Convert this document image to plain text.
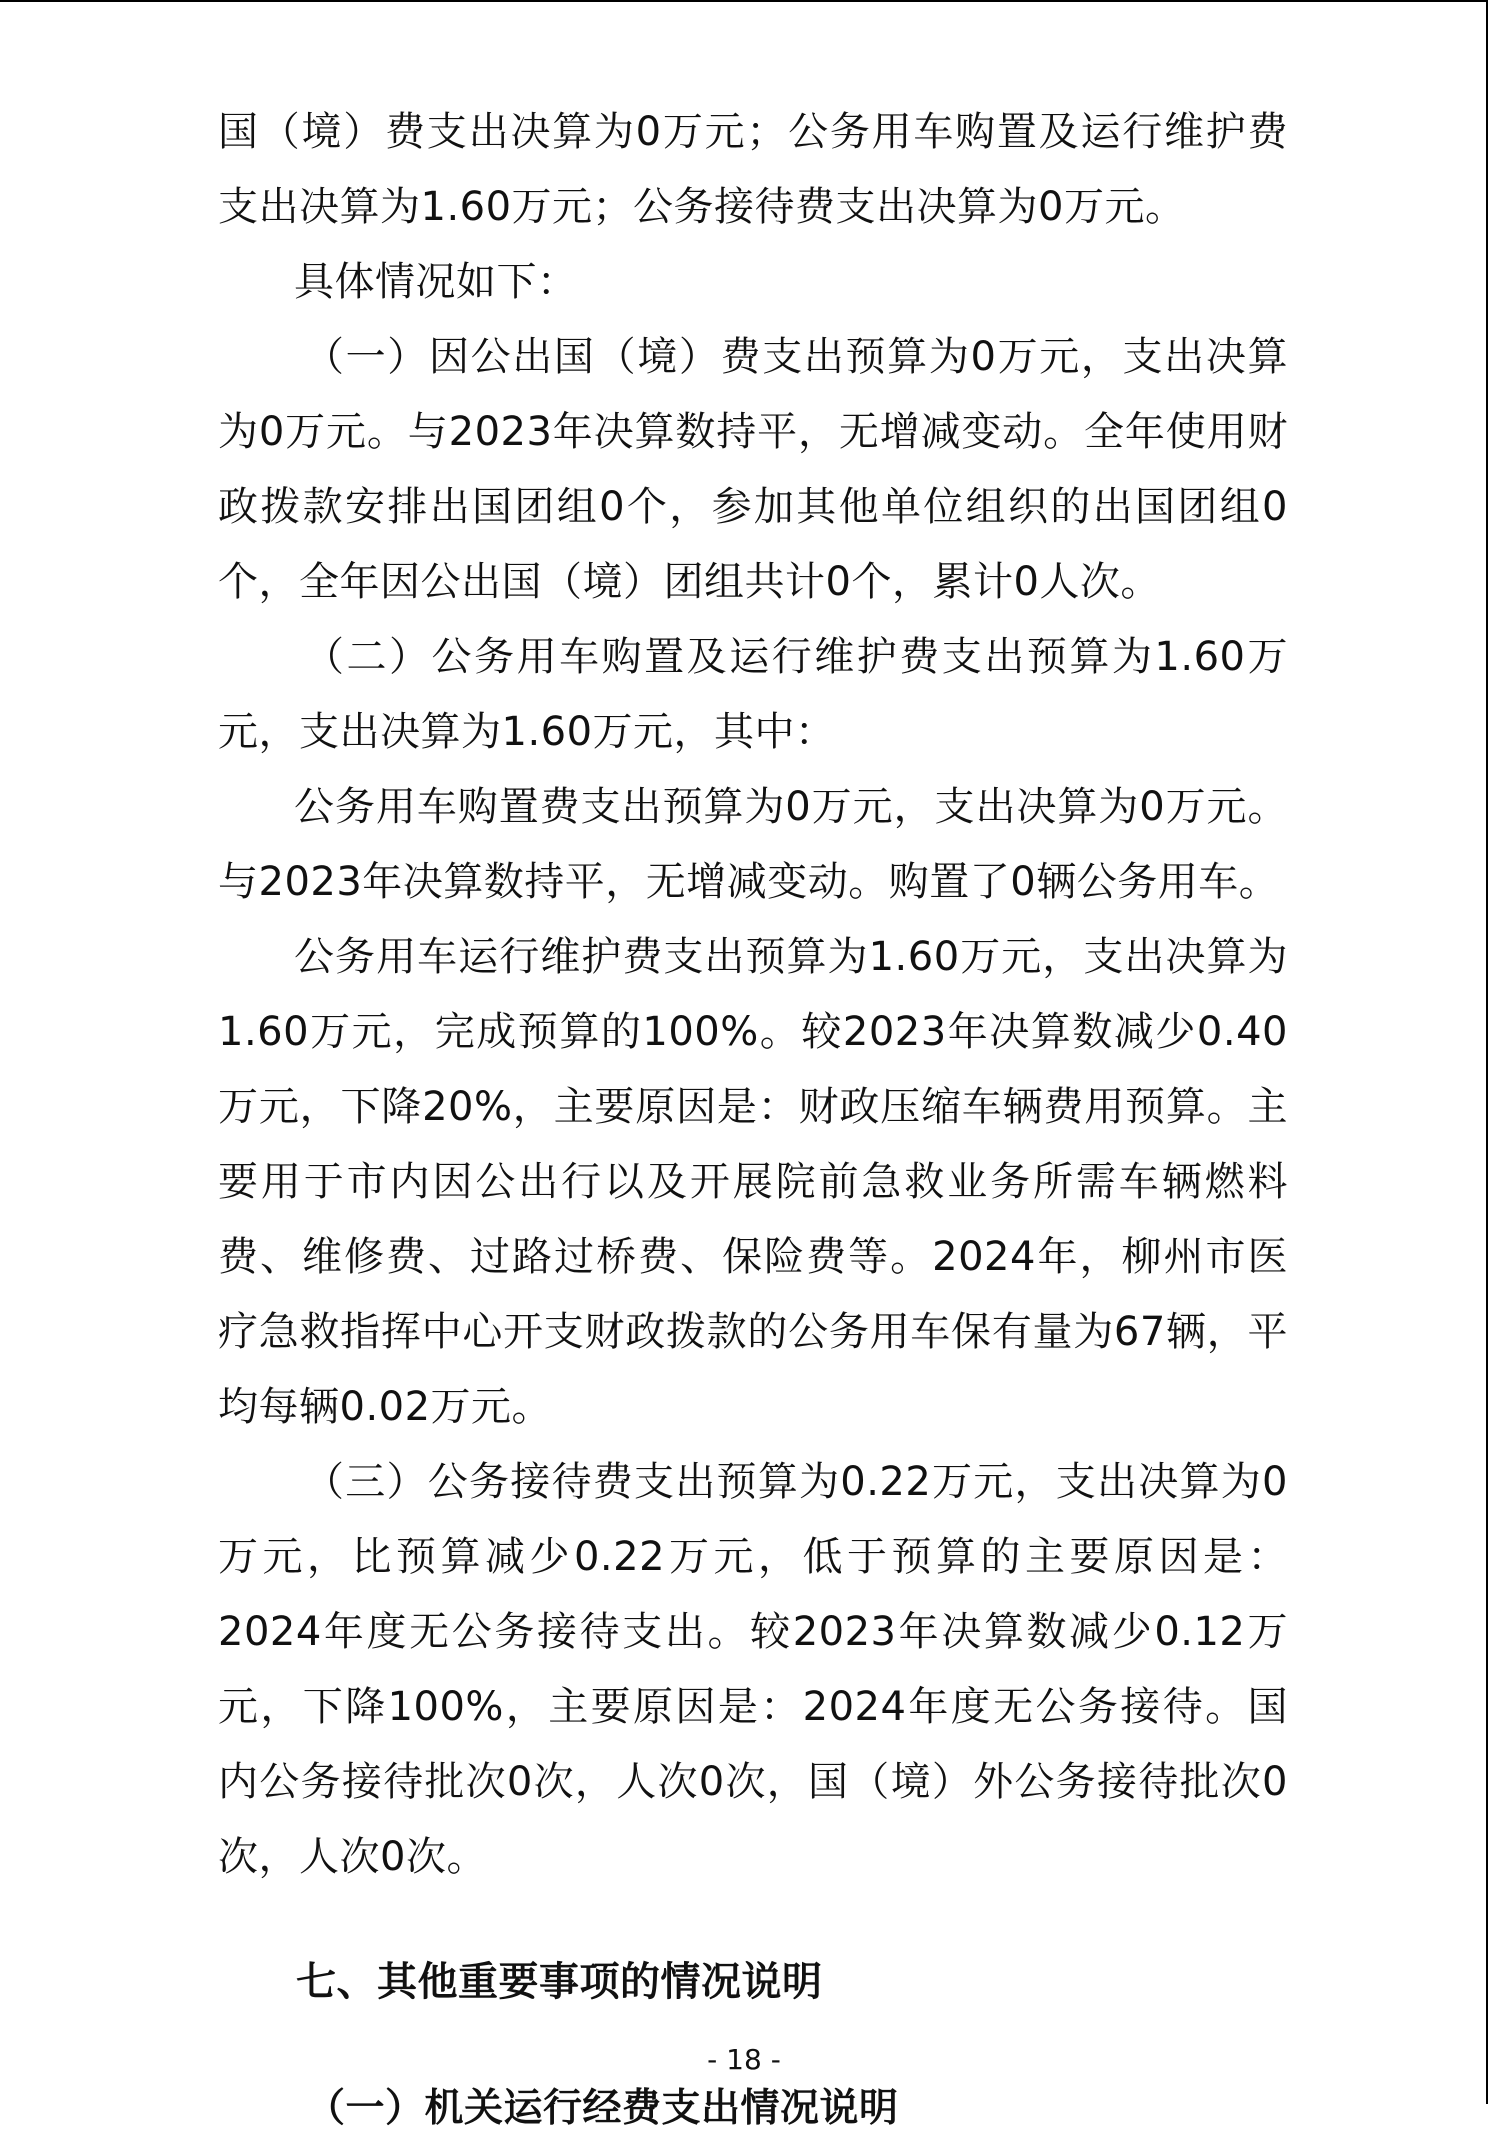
国（境）费支出决算为0万元；公务用车购置及运行维护费支出决算为1.60万元；公务接待费支出决算为0万元。

具体情况如下：

（一）因公出国（境）费支出预算为0万元，支出决算为0万元。与2023年决算数持平，无增减变动。全年使用财政拨款安排出国团组0个，参加其他单位组织的出国团组0个，全年因公出国（境）团组共计0个，累计0人次。

（二）公务用车购置及运行维护费支出预算为1.60万元，支出决算为1.60万元，其中：

公务用车购置费支出预算为0万元，支出决算为0万元。与2023年决算数持平，无增减变动。购置了0辆公务用车。

公务用车运行维护费支出预算为1.60万元，支出决算为1.60万元，完成预算的100%。较2023年决算数减少0.40万元，下降20%，主要原因是：财政压缩车辆费用预算。主要用于市内因公出行以及开展院前急救业务所需车辆燃料费、维修费、过路过桥费、保险费等。2024年，柳州市医疗急救指挥中心开支财政拨款的公务用车保有量为67辆，平均每辆0.02万元。

（三）公务接待费支出预算为0.22万元，支出决算为0万元，比预算减少0.22万元，低于预算的主要原因是：2024年度无公务接待支出。较2023年决算数减少0.12万元，下降100%，主要原因是：2024年度无公务接待。国内公务接待批次0次，人次0次，国（境）外公务接待批次0次，人次0次。

七、其他重要事项的情况说明
（一）机关运行经费支出情况说明
- 18 -
